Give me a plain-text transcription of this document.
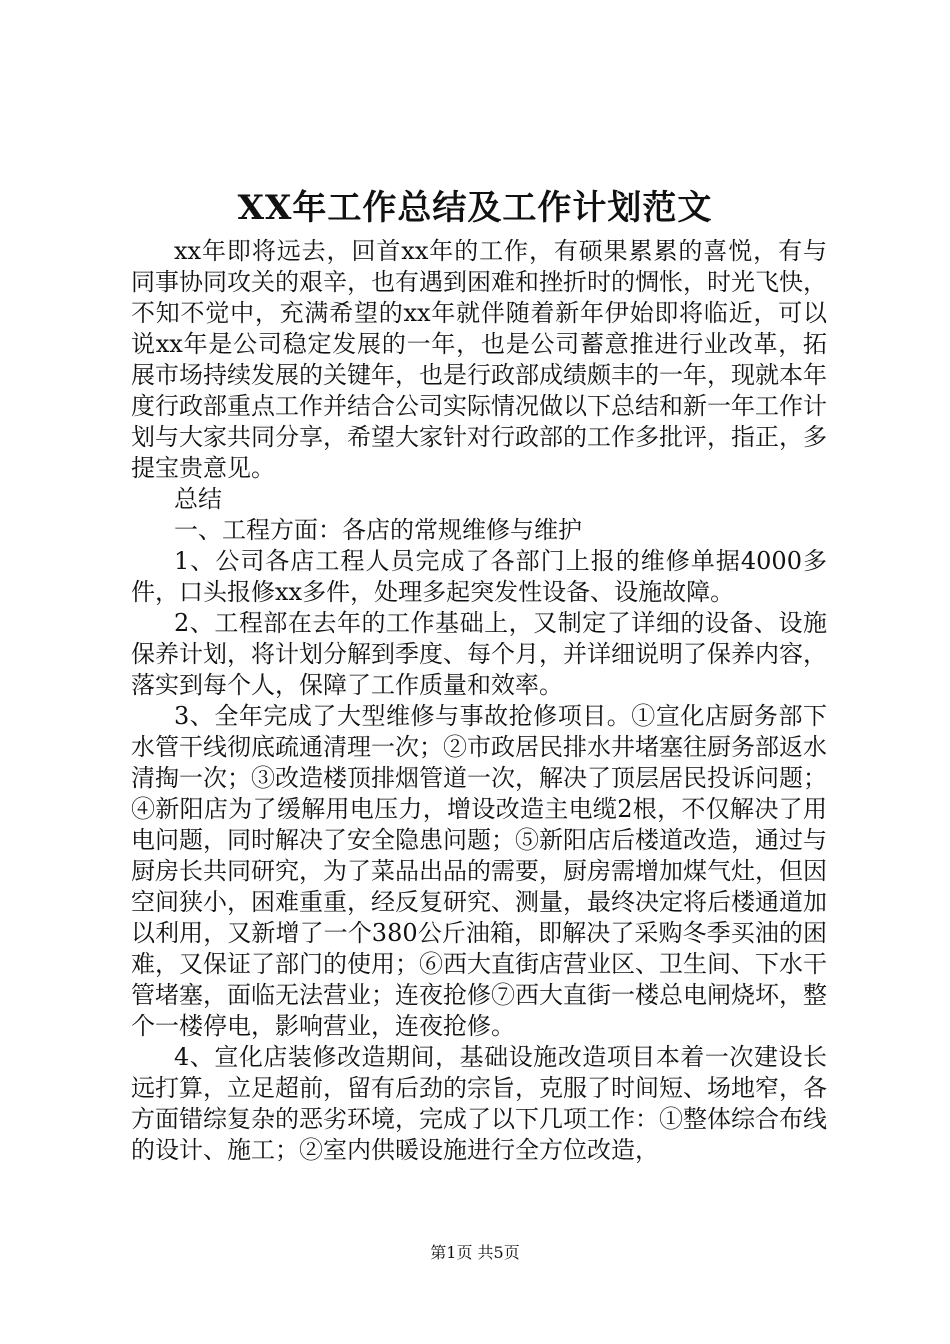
XX年工作总结及工作计划范文

xx年即将远去，回首xx年的工作，有硕果累累的喜悦，有与同事协同攻关的艰辛，也有遇到困难和挫折时的惆怅，时光飞快，不知不觉中，充满希望的xx年就伴随着新年伊始即将临近，可以说xx年是公司稳定发展的一年，也是公司蓄意推进行业改革，拓展市场持续发展的关键年，也是行政部成绩颇丰的一年，现就本年度行政部重点工作并结合公司实际情况做以下总结和新一年工作计划与大家共同分享，希望大家针对行政部的工作多批评，指正，多提宝贵意见。

总结

一、工程方面：各店的常规维修与维护

1、公司各店工程人员完成了各部门上报的维修单据4000多件，口头报修xx多件，处理多起突发性设备、设施故障。

2、工程部在去年的工作基础上，又制定了详细的设备、设施保养计划，将计划分解到季度、每个月，并详细说明了保养内容，落实到每个人，保障了工作质量和效率。

3、全年完成了大型维修与事故抢修项目。①宣化店厨务部下水管干线彻底疏通清理一次；②市政居民排水井堵塞往厨务部返水清掏一次；③改造楼顶排烟管道一次，解决了顶层居民投诉问题；④新阳店为了缓解用电压力，增设改造主电缆2根，不仅解决了用电问题，同时解决了安全隐患问题；⑤新阳店后楼道改造，通过与厨房长共同研究，为了菜品出品的需要，厨房需增加煤气灶，但因空间狭小，困难重重，经反复研究、测量，最终决定将后楼通道加以利用，又新增了一个380公斤油箱，即解决了采购冬季买油的困难，又保证了部门的使用；⑥西大直街店营业区、卫生间、下水干管堵塞，面临无法营业；连夜抢修⑦西大直街一楼总电闸烧坏，整个一楼停电，影响营业，连夜抢修。

4、宣化店装修改造期间，基础设施改造项目本着一次建设长远打算，立足超前，留有后劲的宗旨，克服了时间短、场地窄，各方面错综复杂的恶劣环境，完成了以下几项工作：①整体综合布线的设计、施工；②室内供暖设施进行全方位改造，

第1页 共5页
